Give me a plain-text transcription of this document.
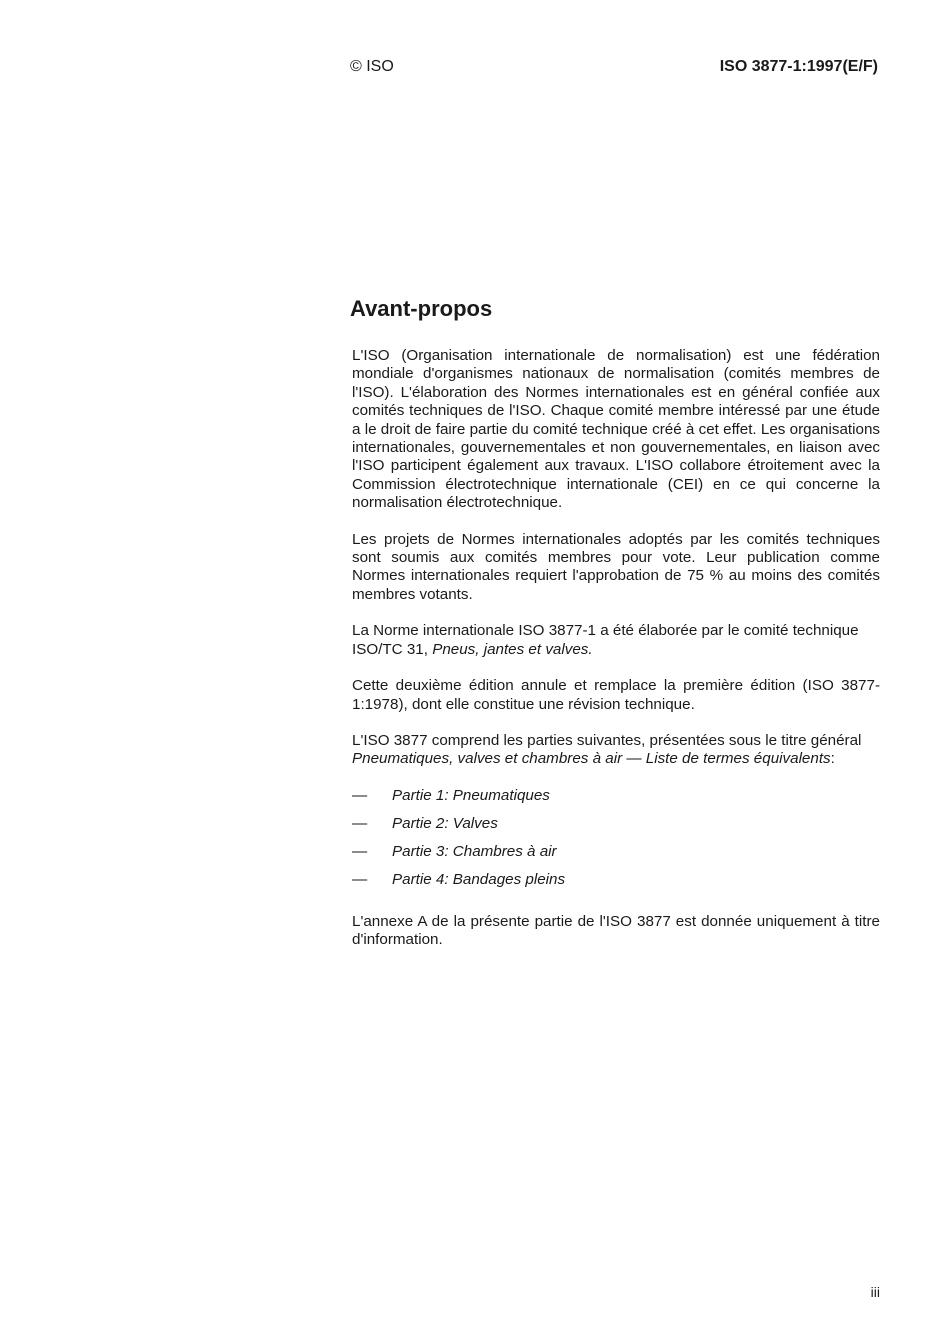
© ISO	ISO 3877-1:1997(E/F)
Avant-propos

L'ISO (Organisation internationale de normalisation) est une fédération mondiale d'organismes nationaux de normalisation (comités membres de l'ISO). L'élaboration des Normes internationales est en général confiée aux comités techniques de l'ISO. Chaque comité membre intéressé par une étude a le droit de faire partie du comité technique créé à cet effet. Les organisations internationales, gouvernementales et non gouvernementales, en liaison avec l'ISO participent également aux travaux. L'ISO collabore étroitement avec la Commission électrotechnique internationale (CEI) en ce qui concerne la normalisation électrotechnique.

Les projets de Normes internationales adoptés par les comités techniques sont soumis aux comités membres pour vote. Leur publication comme Normes internationales requiert l'approbation de 75 % au moins des comités membres votants.

La Norme internationale ISO 3877-1 a été élaborée par le comité technique ISO/TC 31, Pneus, jantes et valves.

Cette deuxième édition annule et remplace la première édition (ISO 3877-1:1978), dont elle constitue une révision technique.

L'ISO 3877 comprend les parties suivantes, présentées sous le titre général Pneumatiques, valves et chambres à air — Liste de termes équivalents:

—	Partie 1: Pneumatiques
—	Partie 2: Valves
—	Partie 3: Chambres à air
—	Partie 4: Bandages pleins

L'annexe A de la présente partie de l'ISO 3877 est donnée uniquement à titre d'information.

iii
